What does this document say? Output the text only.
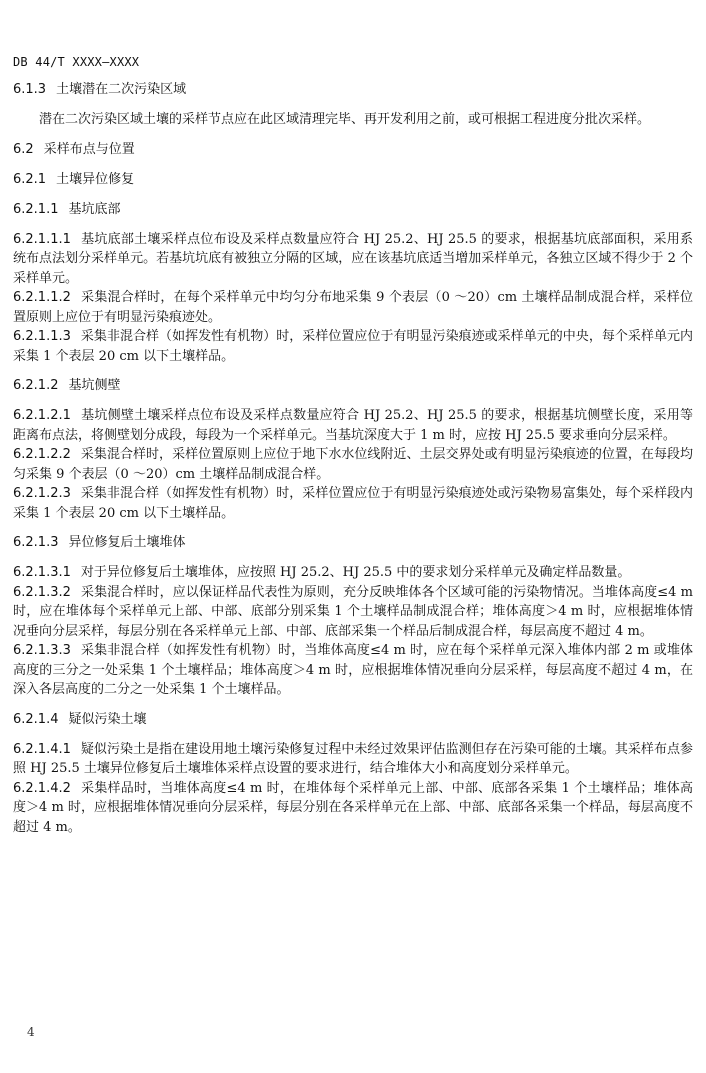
DB 44/T XXXX—XXXX
6.1.3 土壤潜在二次污染区域

潜在二次污染区域土壤的采样节点应在此区域清理完毕、再开发利用之前，或可根据工程进度分批次采样。

6.2 采样布点与位置
6.2.1 土壤异位修复
6.2.1.1 基坑底部

6.2.1.1.1 基坑底部土壤采样点位布设及采样点数量应符合 HJ 25.2、HJ 25.5 的要求，根据基坑底部面积，采用系统布点法划分采样单元。若基坑坑底有被独立分隔的区域，应在该基坑底适当增加采样单元，各独立区域不得少于 2 个采样单元。

6.2.1.1.2 采集混合样时，在每个采样单元中均匀分布地采集 9 个表层（0 ～20）cm 土壤样品制成混合样，采样位置原则上应位于有明显污染痕迹处。

6.2.1.1.3 采集非混合样（如挥发性有机物）时，采样位置应位于有明显污染痕迹或采样单元的中央，每个采样单元内采集 1 个表层 20 cm 以下土壤样品。

6.2.1.2 基坑侧壁

6.2.1.2.1 基坑侧壁土壤采样点位布设及采样点数量应符合 HJ 25.2、HJ 25.5 的要求，根据基坑侧壁长度，采用等距离布点法，将侧壁划分成段，每段为一个采样单元。当基坑深度大于 1 m 时，应按 HJ 25.5 要求垂向分层采样。

6.2.1.2.2 采集混合样时，采样位置原则上应位于地下水水位线附近、土层交界处或有明显污染痕迹的位置，在每段均匀采集 9 个表层（0 ～20）cm 土壤样品制成混合样。

6.2.1.2.3 采集非混合样（如挥发性有机物）时，采样位置应位于有明显污染痕迹处或污染物易富集处，每个采样段内采集 1 个表层 20 cm 以下土壤样品。

6.2.1.3 异位修复后土壤堆体

6.2.1.3.1 对于异位修复后土壤堆体，应按照 HJ 25.2、HJ 25.5 中的要求划分采样单元及确定样品数量。

6.2.1.3.2 采集混合样时，应以保证样品代表性为原则，充分反映堆体各个区域可能的污染物情况。当堆体高度≤4 m 时，应在堆体每个采样单元上部、中部、底部分别采集 1 个土壤样品制成混合样；堆体高度＞4 m 时，应根据堆体情况垂向分层采样，每层分别在各采样单元上部、中部、底部采集一个样品后制成混合样，每层高度不超过 4 m。

6.2.1.3.3 采集非混合样（如挥发性有机物）时，当堆体高度≤4 m 时，应在每个采样单元深入堆体内部 2 m 或堆体高度的三分之一处采集 1 个土壤样品；堆体高度＞4 m 时，应根据堆体情况垂向分层采样，每层高度不超过 4 m，在深入各层高度的二分之一处采集 1 个土壤样品。

6.2.1.4 疑似污染土壤

6.2.1.4.1 疑似污染土是指在建设用地土壤污染修复过程中未经过效果评估监测但存在污染可能的土壤。其采样布点参照 HJ 25.5 土壤异位修复后土壤堆体采样点设置的要求进行，结合堆体大小和高度划分采样单元。

6.2.1.4.2 采集样品时，当堆体高度≤4 m 时，在堆体每个采样单元上部、中部、底部各采集 1 个土壤样品；堆体高度＞4 m 时，应根据堆体情况垂向分层采样，每层分别在各采样单元在上部、中部、底部各采集一个样品，每层高度不超过 4 m。

4
